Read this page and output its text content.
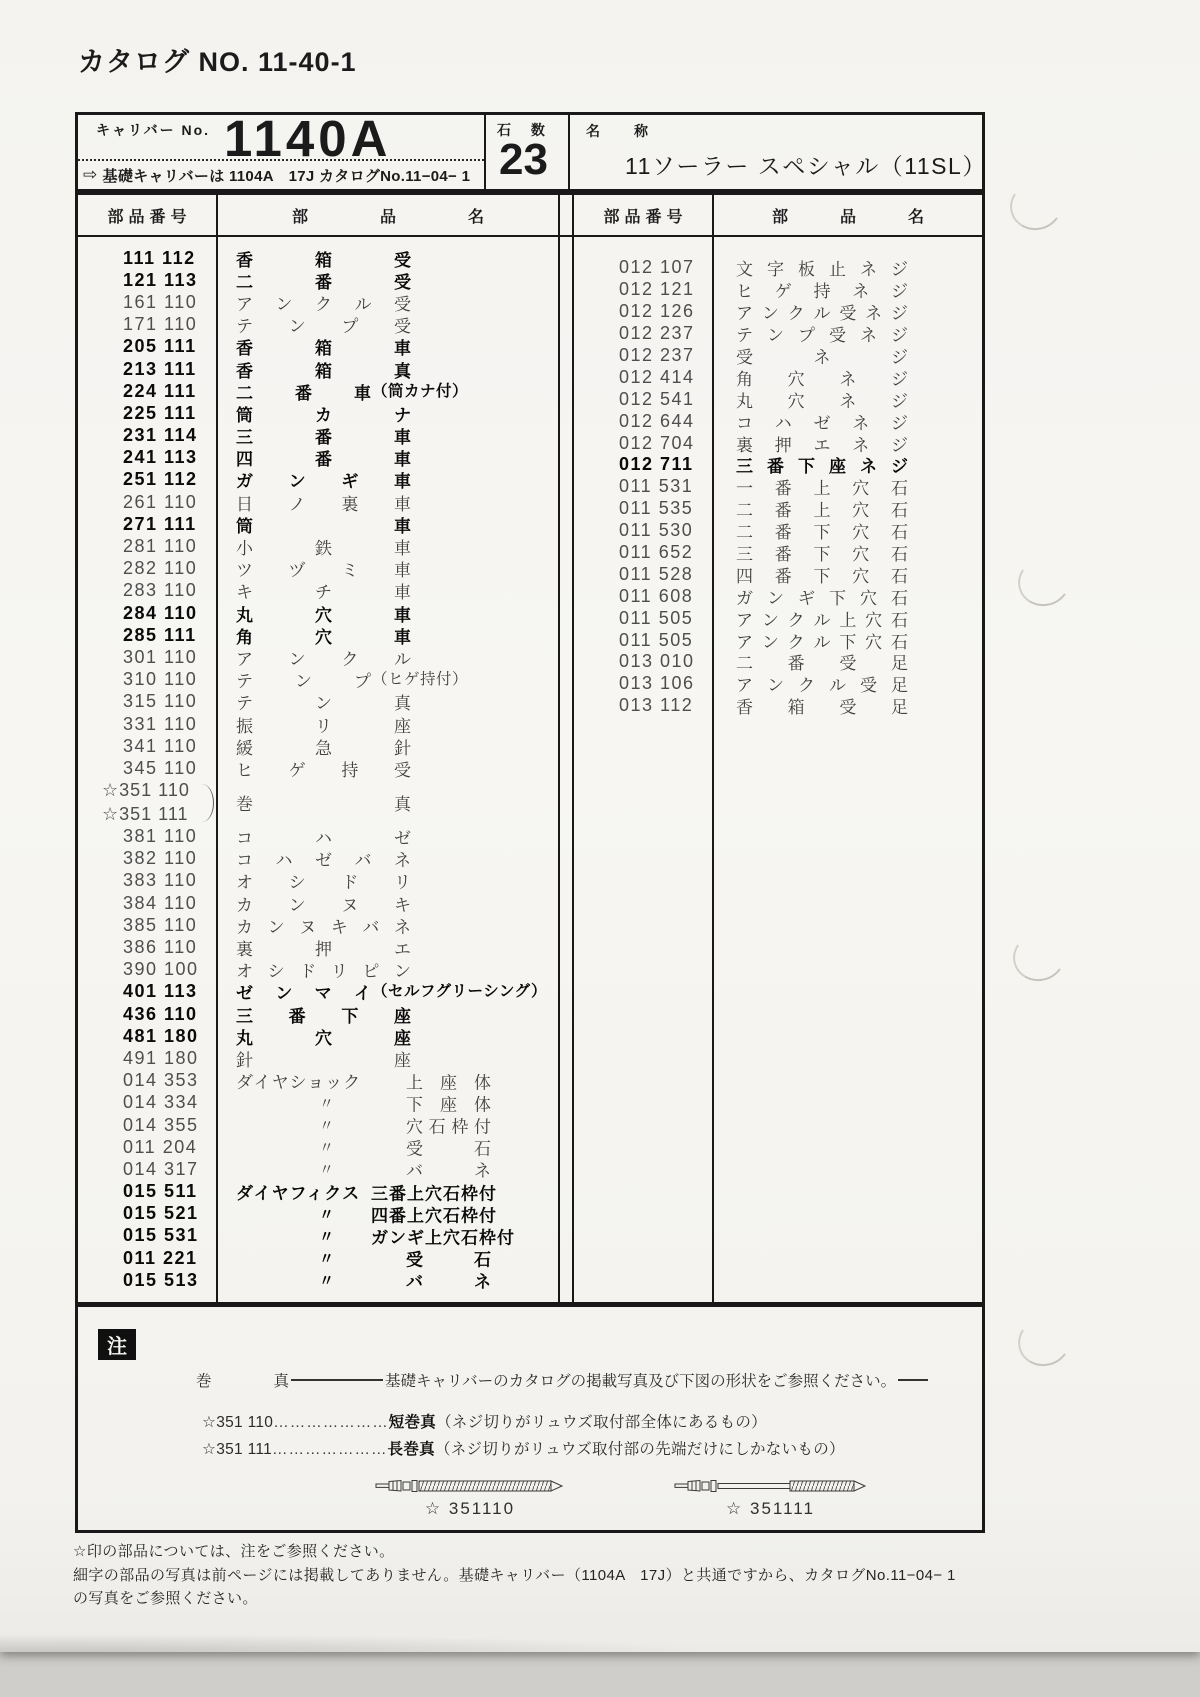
カタログ NO. 11-40-1
キャリバー No. 1140A
⇨ 基礎キャリバーは 1104A　17J カタログNo.11−04− 1
石 数
23
名称
11ソーラー スペシャル（11SL）
部品番号	部品名	部品番号	部品名
111 112	香	箱	受
121 113	二	番	受
161 110	ア ン ク ル 受
171 110	テ ン プ 受
205 111	香	箱	車
213 111	香	箱	真
224 111	二 番 車 （筒カナ付）
225 111	筒	カ	ナ
231 114	三	番	車
241 113	四	番	車
251 112	ガ ン ギ 車
261 110	日 ノ 裏 車
271 111	筒	車
281 110	小	鉄	車
282 110	ツ ヅ ミ 車
283 110	キ	チ	車
284 110	丸	穴	車
285 111	角	穴	車
301 110	ア ン ク ル
310 110	テ ン プ （ヒゲ持付）
315 110	テ	ン	真
331 110	振	リ	座
341 110	緩	急	針
345 110	ヒ ゲ 持 受
☆351 110
☆351 111	巻	真
381 110	コ	ハ	ゼ
382 110	コ ハ ゼ バ ネ
383 110	オ シ ド リ
384 110	カ ン ヌ キ
385 110	カ ン ヌ キ バ ネ
386 110	裏	押	エ
390 100	オ シ ド リ ピ ン
401 113	ゼ ン マ イ （セルフグリーシング）
436 110	三 番 下 座
481 180	丸	穴	座
491 180	針	座
014 353	ダイヤショック	上 座 体
014 334	〃	下 座 体
014 355	〃	穴 石 枠 付
011 204	〃	受	石
014 317	〃	バ	ネ
015 511	ダイヤフィクス 三番上穴石枠付
015 521	〃 四番上穴石枠付
015 531	〃 ガンギ上穴石枠付
011 221	〃	受	石
015 513	〃	バ	ネ
012 107	文 字 板 止 ネ ジ
012 121	ヒ ゲ 持 ネ ジ
012 126	ア ン ク ル 受 ネ ジ
012 237	テ ン プ 受 ネ ジ
012 237	受	ネ	ジ
012 414	角 穴 ネ ジ
012 541	丸 穴 ネ ジ
012 644	コ ハ ゼ ネ ジ
012 704	裏 押 エ ネ ジ
012 711	三 番 下 座 ネ ジ
011 531	一 番 上 穴 石
011 535	二 番 上 穴 石
011 530	二 番 下 穴 石
011 652	三 番 下 穴 石
011 528	四 番 下 穴 石
011 608	ガ ン ギ 下 穴 石
011 505	ア ン ク ル 上 穴 石
011 505	ア ン ク ル 下 穴 石
013 010	二 番 受 足
013 106	ア ン ク ル 受 足
013 112	香 箱 受 足
注
巻	真	基礎キャリバーのカタログの掲載写真及び下図の形状をご参照ください。
☆351 110…………………短巻真（ネジ切りがリュウズ取付部全体にあるもの）
☆351 111…………………長巻真（ネジ切りがリュウズ取付部の先端だけにしかないもの）
☆ 351110	☆ 351111
☆印の部品については、注をご参照ください。
細字の部品の写真は前ページには掲載してありません。基礎キャリバー（1104A　17J）と共通ですから、カタログNo.11−04− 1
の写真をご参照ください。
